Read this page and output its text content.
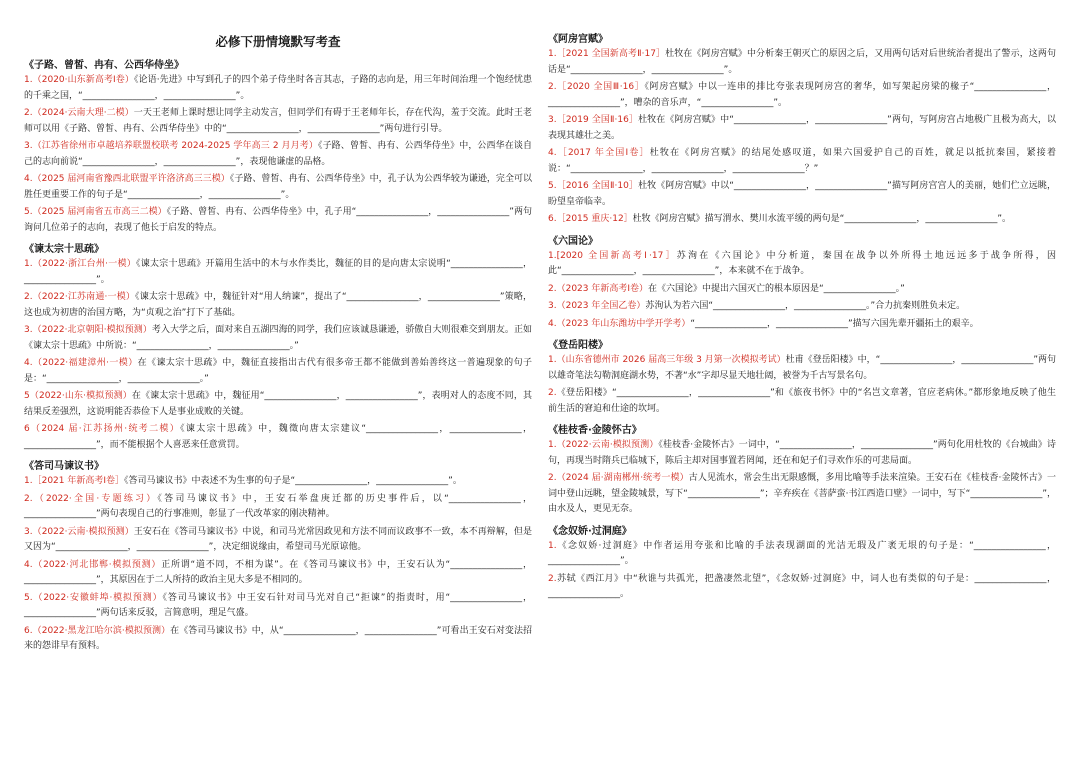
必修下册情境默写考查
《子路、曾皙、冉有、公西华侍坐》
1.（2020·山东新高考Ⅰ卷）《论语·先进》中写到孔子的四个弟子侍坐时各言其志，子路的志向是，用三年时间治理一个饱经忧患的千乘之国，“________________，________________”。
2.（2024·云南大理·二模）一天王老师上课时想让同学主动发言，但同学们有碍于王老师年长，存在代沟，羞于交流。此时王老师可以用《子路、曾皙、冉有、公西华侍坐》中的“________________，________________”两句进行引导。
3.（江苏省徐州市卓越培养联盟校联考 2024-2025 学年高三 2 月月考）《子路、曾皙、冉有、公西华侍坐》中，公西华在谈自己的志向前说“________________，________________”，表现他谦虚的品格。
4.（2025 届河南省豫西北联盟平许洛济高三三模）《子路、曾皙、冉有、公西华侍坐》中，孔子认为公西华较为谦逊，完全可以胜任更重要工作的句子是“________________，________________”。
5.（2025 届河南省五市高三二模）《子路、曾皙、冉有、公西华侍坐》中，孔子用“________________，________________”两句询问几位弟子的志向，表现了他长于启发的特点。
《谏太宗十思疏》
1.（2022·浙江台州·一模）《谏太宗十思疏》开篇用生活中的木与水作类比，魏征的目的是向唐太宗说明“________________，________________”。
2.（2022·江苏南通·一模）《谏太宗十思疏》中，魏征针对“用人纳谏”，提出了“________________，________________”策略，这也成为初唐的治国方略，为“贞观之治”打下了基础。
3.（2022·北京朝阳·模拟预测）考入大学之后，面对来自五湖四海的同学，我们应该诚恳谦逊，骄傲自大则很难交到朋友。正如《谏太宗十思疏》中所说：“________________，________________。”
4.（2022·福建漳州·一模）在《谏太宗十思疏》中，魏征直接指出古代有很多帝王都不能做到善始善终这一普遍现象的句子是：“________________，________________。”
5（2022·山东·模拟预测）在《谏太宗十思疏》中，魏征用“________________，________________”，表明对人的态度不同，其结果反差强烈，这说明能否恭俭下人是事业成败的关键。
6（2024 届·江苏扬州·统考二模）《谏太宗十思疏》中，魏徵向唐太宗建议“________________，________________，________________”，而不能根据个人喜恶来任意赏罚。
《答司马谏议书》
1.［2021 年新高考Ⅰ卷］《答司马谏议书》中表述不为生事的句子是“________________，________________”。
2.（2022·全国·专题练习）《答司马谏议书》中，王安石举盘庚迁都的历史事件后，以“________________，________________”两句表现自己的行事准则，彰显了一代改革家的刚决精神。
3.（2022·云南·模拟预测）王安石在《答司马谏议书》中说，和司马光常因政见和方法不同而议政事不一致，本不再辩解，但是又因为“________________，________________”，决定细说缘由，希望司马光原谅他。
4.（2022·河北邯郸·模拟预测）正所谓“道不同，不相为谋”。在《答司马谏议书》中，王安石认为“________________，________________”，其原因在于二人所持的政治主见大多是不相同的。
5.（2022·安徽蚌埠·模拟预测）《答司马谏议书》中王安石针对司马光对自己“拒谏”的指责时，用“________________，________________”两句话来反驳，言简意明，理足气盛。
6.（2022·黑龙江哈尔滨·模拟预测）在《答司马谏议书》中，从“________________，________________”可看出王安石对变法招来的怨诽早有预料。
《阿房宫赋》
1.［2021 全国新高考Ⅱ·17］杜牧在《阿房宫赋》中分析秦王朝灭亡的原因之后，又用两句话对后世统治者提出了警示，这两句话是“________________，________________”。
2.［2020 全国Ⅲ·16］《阿房宫赋》中以一连串的排比夸张表现阿房宫的奢华，如写架起房梁的椽子“________________，________________”，嘈杂的音乐声，“________________”。
3.［2019 全国Ⅱ·16］杜牧在《阿房宫赋》中“________________，________________”两句，写阿房宫占地极广且极为高大，以表现其雄壮之美。
4.［2017 年全国Ⅰ卷］杜牧在《阿房宫赋》的结尾处感叹道，如果六国爱护自己的百姓，就足以抵抗秦国，紧接着说：“________________，________________，________________？”
5.［2016 全国Ⅱ·10］杜牧《阿房宫赋》中以“________________，________________”描写阿房宫宫人的美丽，她们伫立远眺，盼望皇帝临幸。
6.［2015 重庆·12］杜牧《阿房宫赋》描写渭水、樊川水流平缓的两句是“________________，________________”。
《六国论》
1.[2020 全国新高考Ⅰ·17］苏洵在《六国论》中分析道，秦国在战争以外所得土地远远多于战争所得，因此“________________，________________”，本来就不在于战争。
2.（2023 年新高考Ⅰ卷）在《六国论》中提出六国灭亡的根本原因是“________________。”
3.（2023 年全国乙卷）苏洵认为若六国“________________，________________。”合力抗秦则胜负未定。
4.（2023 年山东潍坊中学开学考）“________________，________________”描写六国先辈开疆拓土的艰辛。
《登岳阳楼》
1.（山东省德州市 2026 届高三年级 3 月第一次模拟考试）杜甫《登岳阳楼》中，“________________，________________”两句以雄奇笔法勾勒洞庭湖水势，不著“水”字却尽显天地壮阔，被誉为千古写景名句。
2.《登岳阳楼》“________________，________________”和《旅夜书怀》中的“名岂文章著，官应老病休。”都形象地反映了他生前生活的窘迫和仕途的坎坷。
《桂枝香·金陵怀古》
1.（2022·云南·模拟预测）《桂枝香·金陵怀古》一词中，“________________，________________”两句化用杜牧的《台城曲》诗句，再现当时隋兵已临城下，陈后主却对国事置若罔闻，还在和妃子们寻欢作乐的可悲局面。
2.（2024 届·湖南郴州·统考一模）古人见流水，常会生出无限感慨，多用比喻等手法来渲染。王安石在《桂枝香·金陵怀古》一词中登山远眺，望金陵城景，写下“________________”；辛弃疾在《菩萨蛮·书江西造口壁》一词中，写下“________________”，由水及人，更见无奈。
《念奴娇·过洞庭》
1.《念奴娇·过洞庭》中作者运用夸张和比喻的手法表现湖面的光洁无瑕及广袤无垠的句子是：“________________，________________”。
2.苏轼《西江月》中“秋谁与共孤光，把盏凄然北望”，《念奴娇·过洞庭》中，词人也有类似的句子是：________________，________________。
